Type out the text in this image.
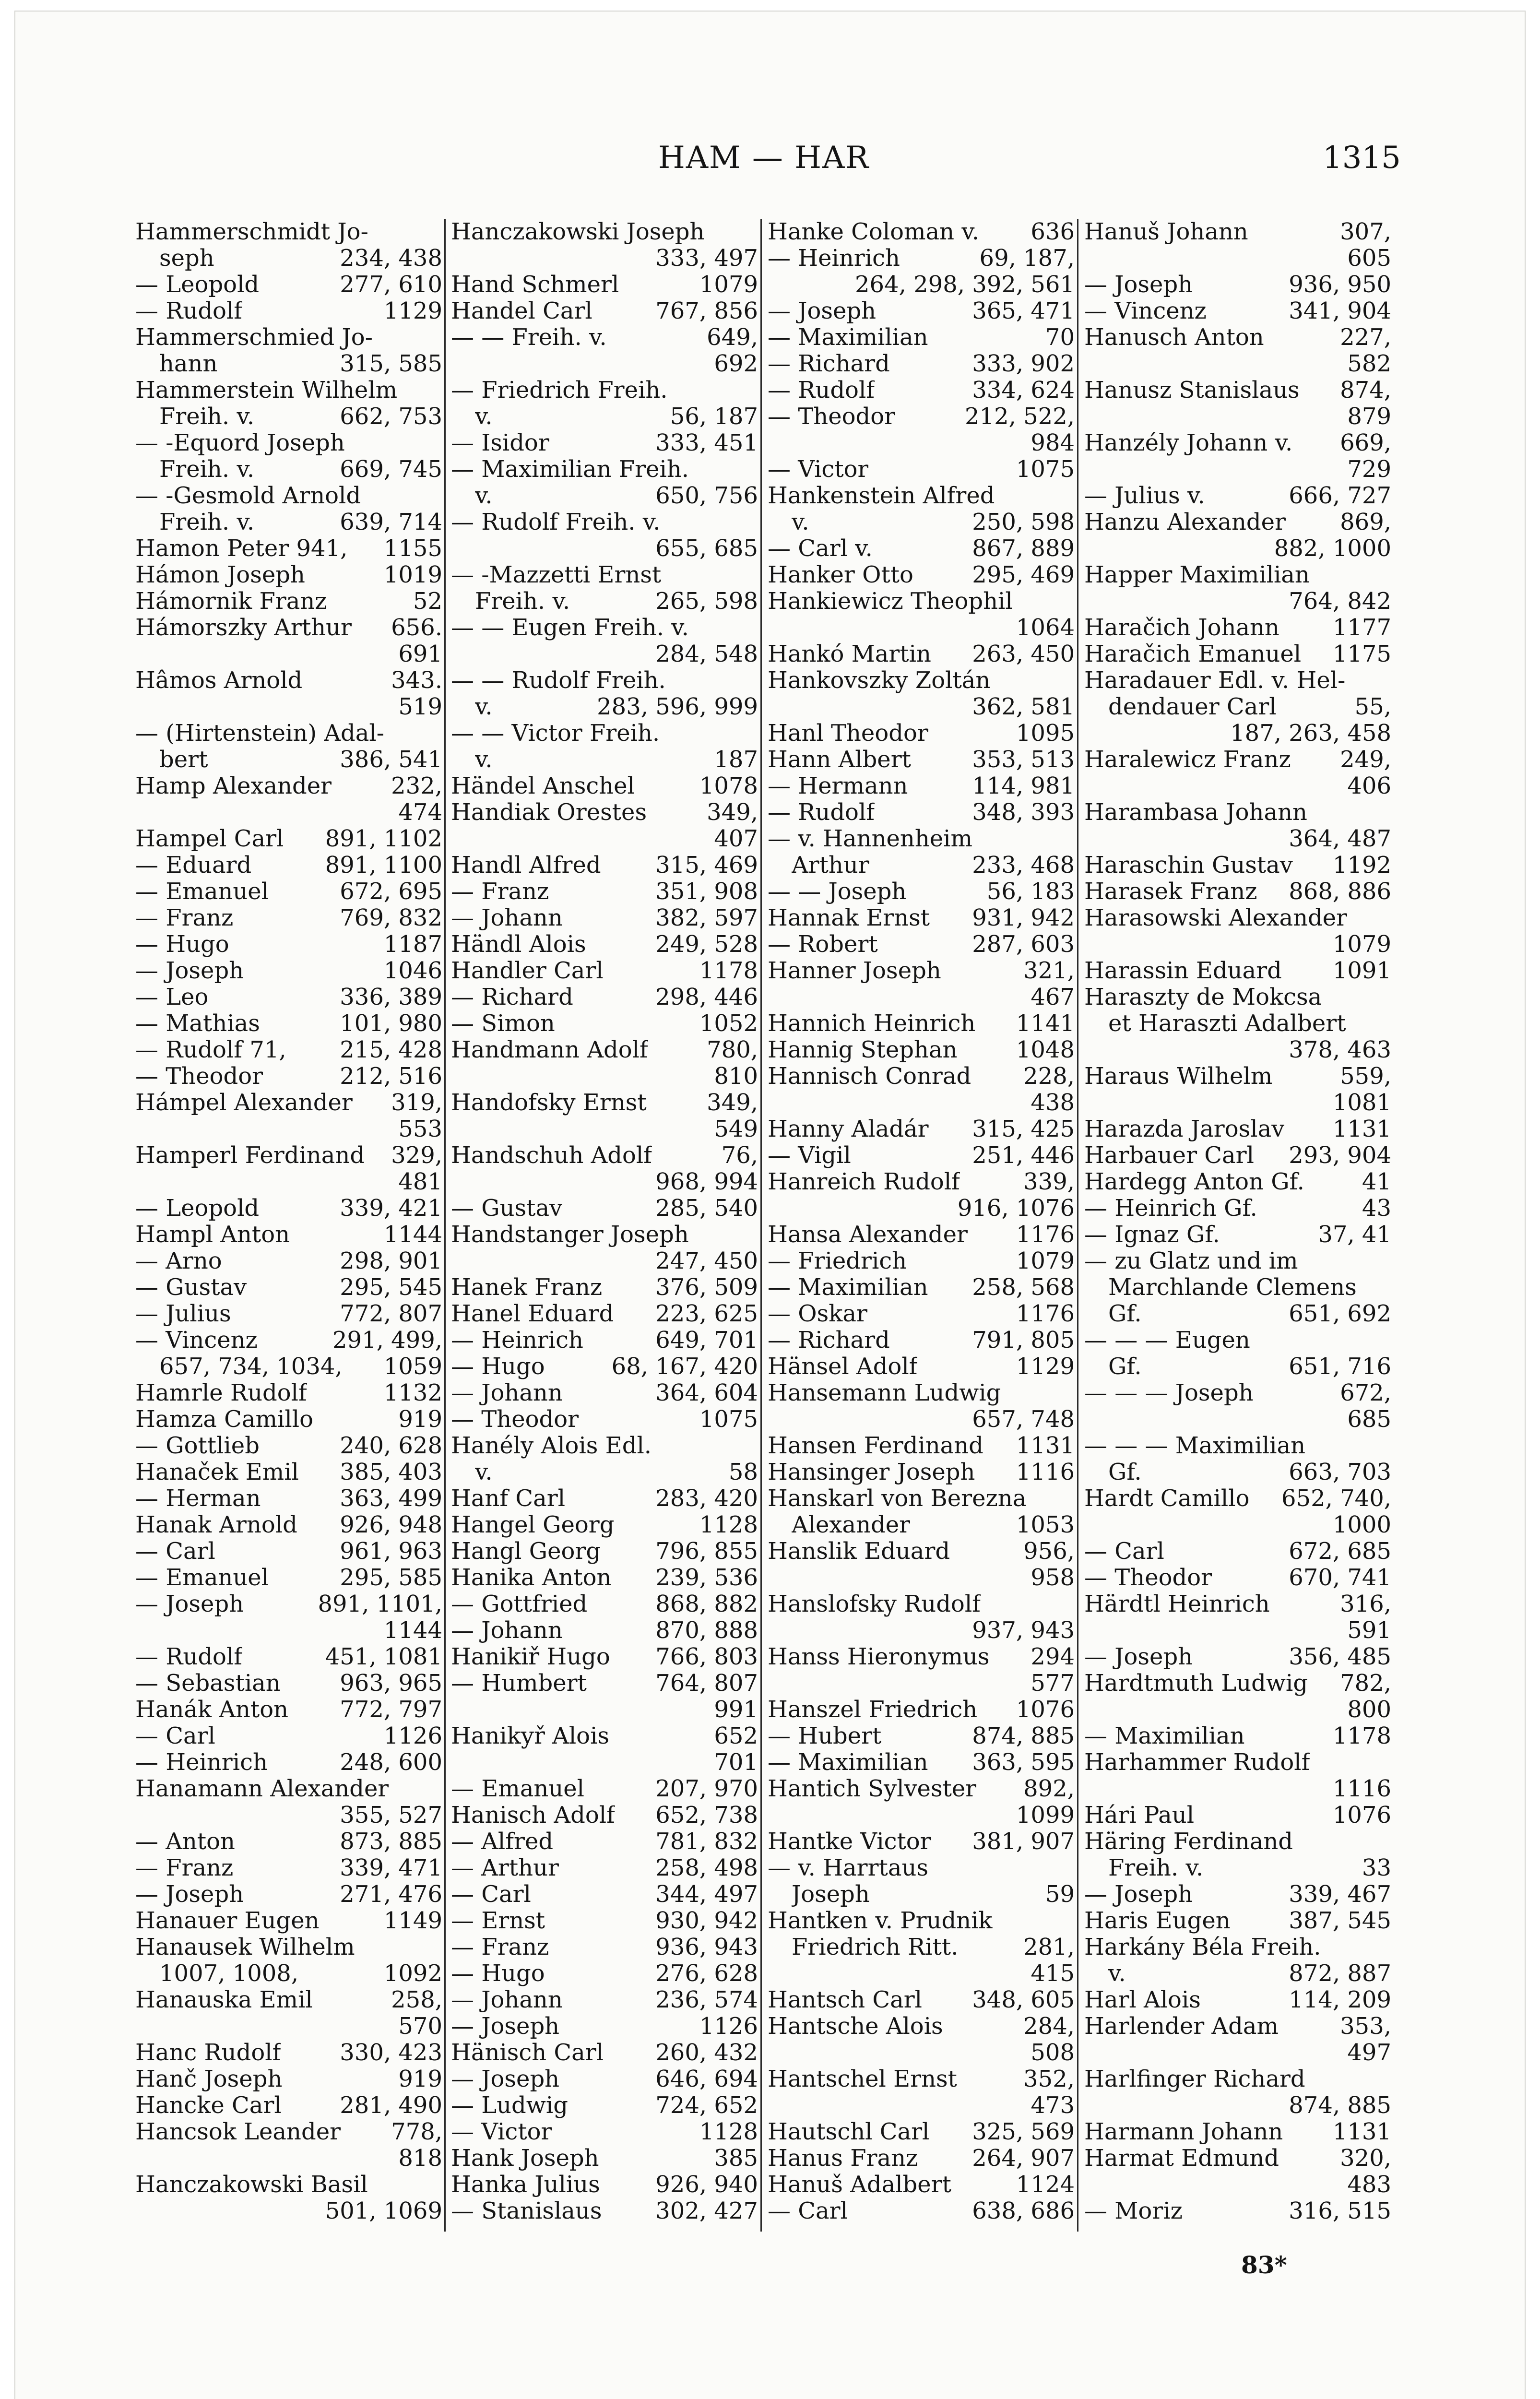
HAM — HAR	1315
Hammerschmidt Jo-
seph	234, 438
— Leopold	277, 610
— Rudolf	1129
Hammerschmied Jo-
hann	315, 585
Hammerstein Wilhelm
Freih. v.	662, 753
— -Equord Joseph
Freih. v.	669, 745
— -Gesmold Arnold
Freih. v.	639, 714
Hamon Peter 941, 1155
Hámon Joseph	1019
Hámornik Franz	52
Hámorszky Arthur 656.
691
Hâmos Arnold	343.
519
— (Hirtenstein) Adal-
bert	386, 541
Hamp Alexander	232,
474
Hampel Carl 891, 1102
— Eduard	891, 1100
— Emanuel	672, 695
— Franz	769, 832
— Hugo	1187
— Joseph	1046
— Leo	336, 389
— Mathias	101, 980
— Rudolf 71, 215, 428
— Theodor	212, 516
Hámpel Alexander 319,
553
Hamperl Ferdinand 329,
481
— Leopold	339, 421
Hampl Anton	1144
— Arno	298, 901
— Gustav	295, 545
— Julius	772, 807
— Vincenz	291, 499,
657, 734, 1034, 1059
Hamrle Rudolf	1132
Hamza Camillo	919
— Gottlieb	240, 628
Hanaček Emil 385, 403
— Herman	363, 499
Hanak Arnold 926, 948
— Carl	961, 963
— Emanuel	295, 585
— Joseph	891, 1101,
1144
— Rudolf	451, 1081
— Sebastian	963, 965
Hanák Anton 772, 797
— Carl	1126
— Heinrich	248, 600
Hanamann Alexander
355, 527
— Anton	873, 885
— Franz	339, 471
— Joseph	271, 476
Hanauer Eugen	1149
Hanausek Wilhelm
1007, 1008,	1092
Hanauska Emil	258,
570
Hanc Rudolf	330, 423
Hanč Joseph	919
Hancke Carl	281, 490
Hancsok Leander 778,
818
Hanczakowski Basil
501, 1069
Hanczakowski Joseph
333, 497
Hand Schmerl	1079
Handel Carl	767, 856
— — Freih. v.	649,
692
— Friedrich Freih.
v.	56, 187
— Isidor	333, 451
— Maximilian Freih.
v.	650, 756
— Rudolf Freih. v.
655, 685
— -Mazzetti Ernst
Freih. v.	265, 598
— — Eugen Freih. v.
284, 548
— — Rudolf Freih.
v.	283, 596, 999
— — Victor Freih.
v.	187
Händel Anschel	1078
Handiak Orestes	349,
407
Handl Alfred 315, 469
— Franz	351, 908
— Johann	382, 597
Händl Alois	249, 528
Handler Carl	1178
— Richard	298, 446
— Simon	1052
Handmann Adolf	780,
810
Handofsky Ernst	349,
549
Handschuh Adolf	76,
968, 994
— Gustav	285, 540
Handstanger Joseph
247, 450
Hanek Franz 376, 509
Hanel Eduard 223, 625
— Heinrich	649, 701
— Hugo	68, 167, 420
— Johann	364, 604
— Theodor	1075
Hanély Alois Edl.
v.	58
Hanf Carl	283, 420
Hangel Georg	1128
Hangl Georg 796, 855
Hanika Anton 239, 536
— Gottfried	868, 882
— Johann	870, 888
Hanikiř Hugo 766, 803
— Humbert	764, 807
991
Hanikyř Alois	652
701
— Emanuel	207, 970
Hanisch Adolf 652, 738
— Alfred	781, 832
— Arthur	258, 498
— Carl	344, 497
— Ernst	930, 942
— Franz	936, 943
— Hugo	276, 628
— Johann	236, 574
— Joseph	1126
Hänisch Carl 260, 432
— Joseph	646, 694
— Ludwig	724, 652
— Victor	1128
Hank Joseph	385
Hanka Julius 926, 940
— Stanislaus 302, 427
Hanke Coloman v. 636
— Heinrich	69, 187,
264, 298, 392, 561
— Joseph	365, 471
— Maximilian	70
— Richard	333, 902
— Rudolf	334, 624
— Theodor	212, 522,
984
— Victor	1075
Hankenstein Alfred
v.	250, 598
— Carl v.	867, 889
Hanker Otto	295, 469
Hankiewicz Theophil
1064
Hankó Martin 263, 450
Hankovszky Zoltán
362, 581
Hanl Theodor	1095
Hann Albert	353, 513
— Hermann	114, 981
— Rudolf	348, 393
— v. Hannenheim
Arthur	233, 468
— — Joseph	56, 183
Hannak Ernst 931, 942
— Robert	287, 603
Hanner Joseph	321,
467
Hannich Heinrich 1141
Hannig Stephan	1048
Hannisch Conrad 228,
438
Hanny Aladár 315, 425
— Vigil	251, 446
Hanreich Rudolf	339,
916, 1076
Hansa Alexander 1176
— Friedrich	1079
— Maximilian 258, 568
— Oskar	1176
— Richard	791, 805
Hänsel Adolf	1129
Hansemann Ludwig
657, 748
Hansen Ferdinand 1131
Hansinger Joseph 1116
Hanskarl von Berezna
Alexander	1053
Hanslik Eduard	956,
958
Hanslofsky Rudolf
937, 943
Hanss Hieronymus 294
577
Hanszel Friedrich 1076
— Hubert	874, 885
— Maximilian 363, 595
Hantich Sylvester 892,
1099
Hantke Victor 381, 907
— v. Harrtaus
Joseph	59
Hantken v. Prudnik
Friedrich Ritt.	281,
415
Hantsch Carl 348, 605
Hantsche Alois	284,
508
Hantschel Ernst	352,
473
Hautschl Carl 325, 569
Hanus Franz 264, 907
Hanuš Adalbert	1124
— Carl	638, 686
Hanuš Johann	307,
605
— Joseph	936, 950
— Vincenz	341, 904
Hanusch Anton	227,
582
Hanusz Stanislaus 874,
879
Hanzély Johann v. 669,
729
— Julius v.	666, 727
Hanzu Alexander 869,
882, 1000
Happer Maximilian
764, 842
Haračich Johann 1177
Haračich Emanuel 1175
Haradauer Edl. v. Hel-
dendauer Carl	55,
187, 263, 458
Haralewicz Franz 249,
406
Harambasa Johann
364, 487
Haraschin Gustav 1192
Harasek Franz 868, 886
Harasowski Alexander
1079
Harassin Eduard 1091
Haraszty de Mokcsa
et Haraszti Adalbert
378, 463
Haraus Wilhelm	559,
1081
Harazda Jaroslav 1131
Harbauer Carl 293, 904
Hardegg Anton Gf.	41
— Heinrich Gf.	43
— Ignaz Gf.	37, 41
— zu Glatz und im
Marchlande Clemens
Gf.	651, 692
— — — Eugen
Gf.	651, 716
— — — Joseph	672,
685
— — — Maximilian
Gf.	663, 703
Hardt Camillo 652, 740,
1000
— Carl	672, 685
— Theodor	670, 741
Härdtl Heinrich	316,
591
— Joseph	356, 485
Hardtmuth Ludwig 782,
800
— Maximilian	1178
Harhammer Rudolf
1116
Hári Paul	1076
Häring Ferdinand
Freih. v.	33
— Joseph	339, 467
Haris Eugen	387, 545
Harkány Béla Freih.
v.	872, 887
Harl Alois	114, 209
Harlender Adam	353,
497
Harlfinger Richard
874, 885
Harmann Johann 1131
Harmat Edmund	320,
483
— Moriz	316, 515
83*
